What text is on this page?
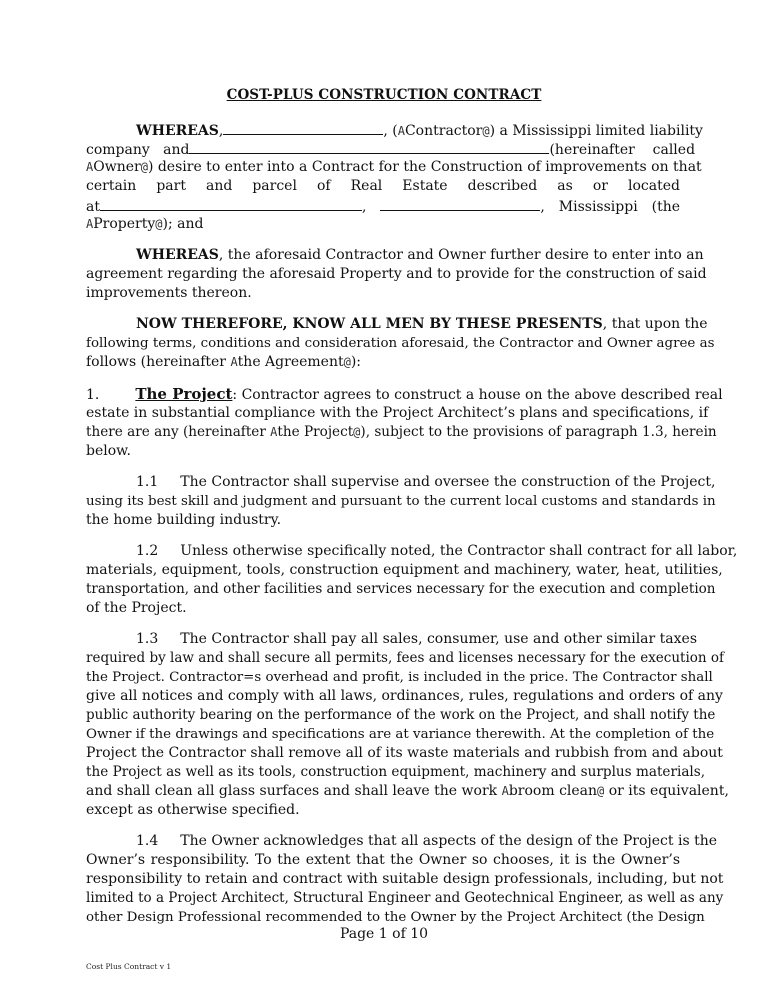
COST-PLUS CONSTRUCTION CONTRACT
WHEREAS,	, (AContractor@) a Mississippi limited liability
company   and	(hereinafter    called
AOwner@) desire to enter into a Contract for the Construction of improvements on that
certain part and parcel of Real Estate described as or located
at	,	, Mississippi (the
AProperty@); and
WHEREAS, the aforesaid Contractor and Owner further desire to enter into an
agreement regarding the aforesaid Property and to provide for the construction of said
improvements thereon.
NOW THEREFORE, KNOW ALL MEN BY THESE PRESENTS, that upon the
following terms, conditions and consideration aforesaid, the Contractor and Owner agree as
follows (hereinafter Athe Agreement@):
1. The Project: Contractor agrees to construct a house on the above described real
estate in substantial compliance with the Project Architect’s plans and specifications, if
there are any (hereinafter Athe Project@), subject to the provisions of paragraph 1.3, herein
below.
1.1 The Contractor shall supervise and oversee the construction of the Project,
using its best skill and judgment and pursuant to the current local customs and standards in
the home building industry.
1.2 Unless otherwise specifically noted, the Contractor shall contract for all labor,
materials, equipment, tools, construction equipment and machinery, water, heat, utilities,
transportation, and other facilities and services necessary for the execution and completion
of the Project.
1.3 The Contractor shall pay all sales, consumer, use and other similar taxes
required by law and shall secure all permits, fees and licenses necessary for the execution of
the Project. Contractor=s overhead and profit, is included in the price. The Contractor shall
give all notices and comply with all laws, ordinances, rules, regulations and orders of any
public authority bearing on the performance of the work on the Project, and shall notify the
Owner if the drawings and specifications are at variance therewith. At the completion of the
Project the Contractor shall remove all of its waste materials and rubbish from and about
the Project as well as its tools, construction equipment, machinery and surplus materials,
and shall clean all glass surfaces and shall leave the work Abroom clean@ or its equivalent,
except as otherwise specified.
1.4 The Owner acknowledges that all aspects of the design of the Project is the
Owner’s responsibility. To the extent that the Owner so chooses, it is the Owner’s
responsibility to retain and contract with suitable design professionals, including, but not
limited to a Project Architect, Structural Engineer and Geotechnical Engineer, as well as any
other Design Professional recommended to the Owner by the Project Architect (the Design
Page 1 of 10
Cost Plus Contract v 1
